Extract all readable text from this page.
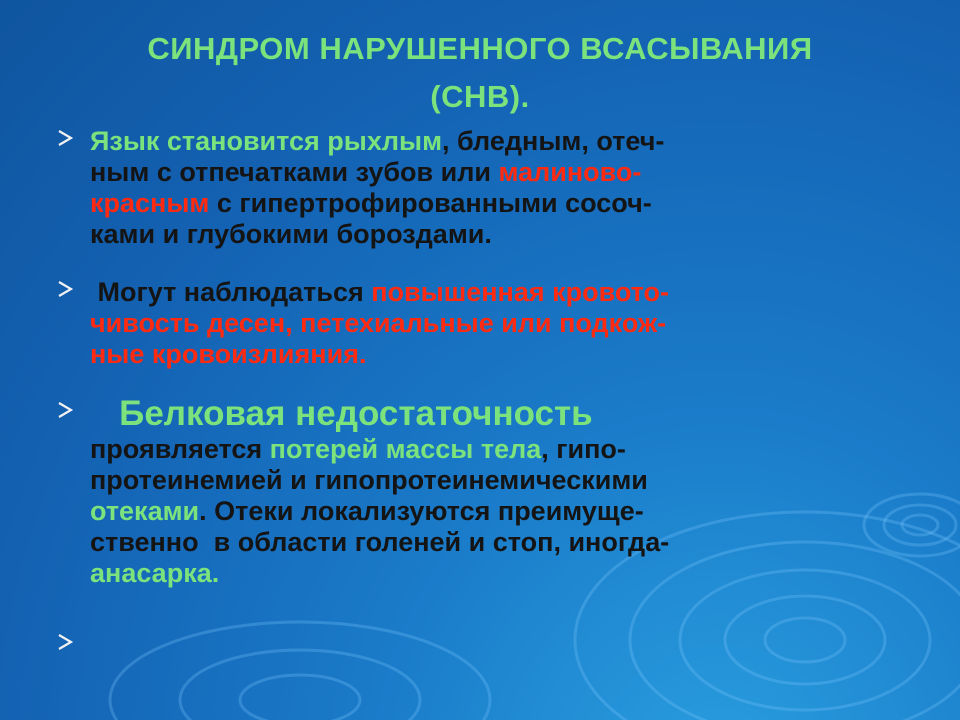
СИНДРОМ НАРУШЕННОГО ВСАСЫВАНИЯ
(СНВ).
Язык становится рыхлым, бледным, отеч-
ным с отпечатками зубов или малиново-
красным с гипертрофированными сосоч-
ками и глубокими бороздами.
Могут наблюдаться повышенная кровото-
чивость десен, петехиальные или подкож-
ные кровоизлияния.
Белковая недостаточность
проявляется потерей массы тела, гипо-
протеинемией и гипопротеинемическими
отеками. Отеки локализуются преимуще-
ственно  в области голеней и стоп, иногда-
анасарка.
